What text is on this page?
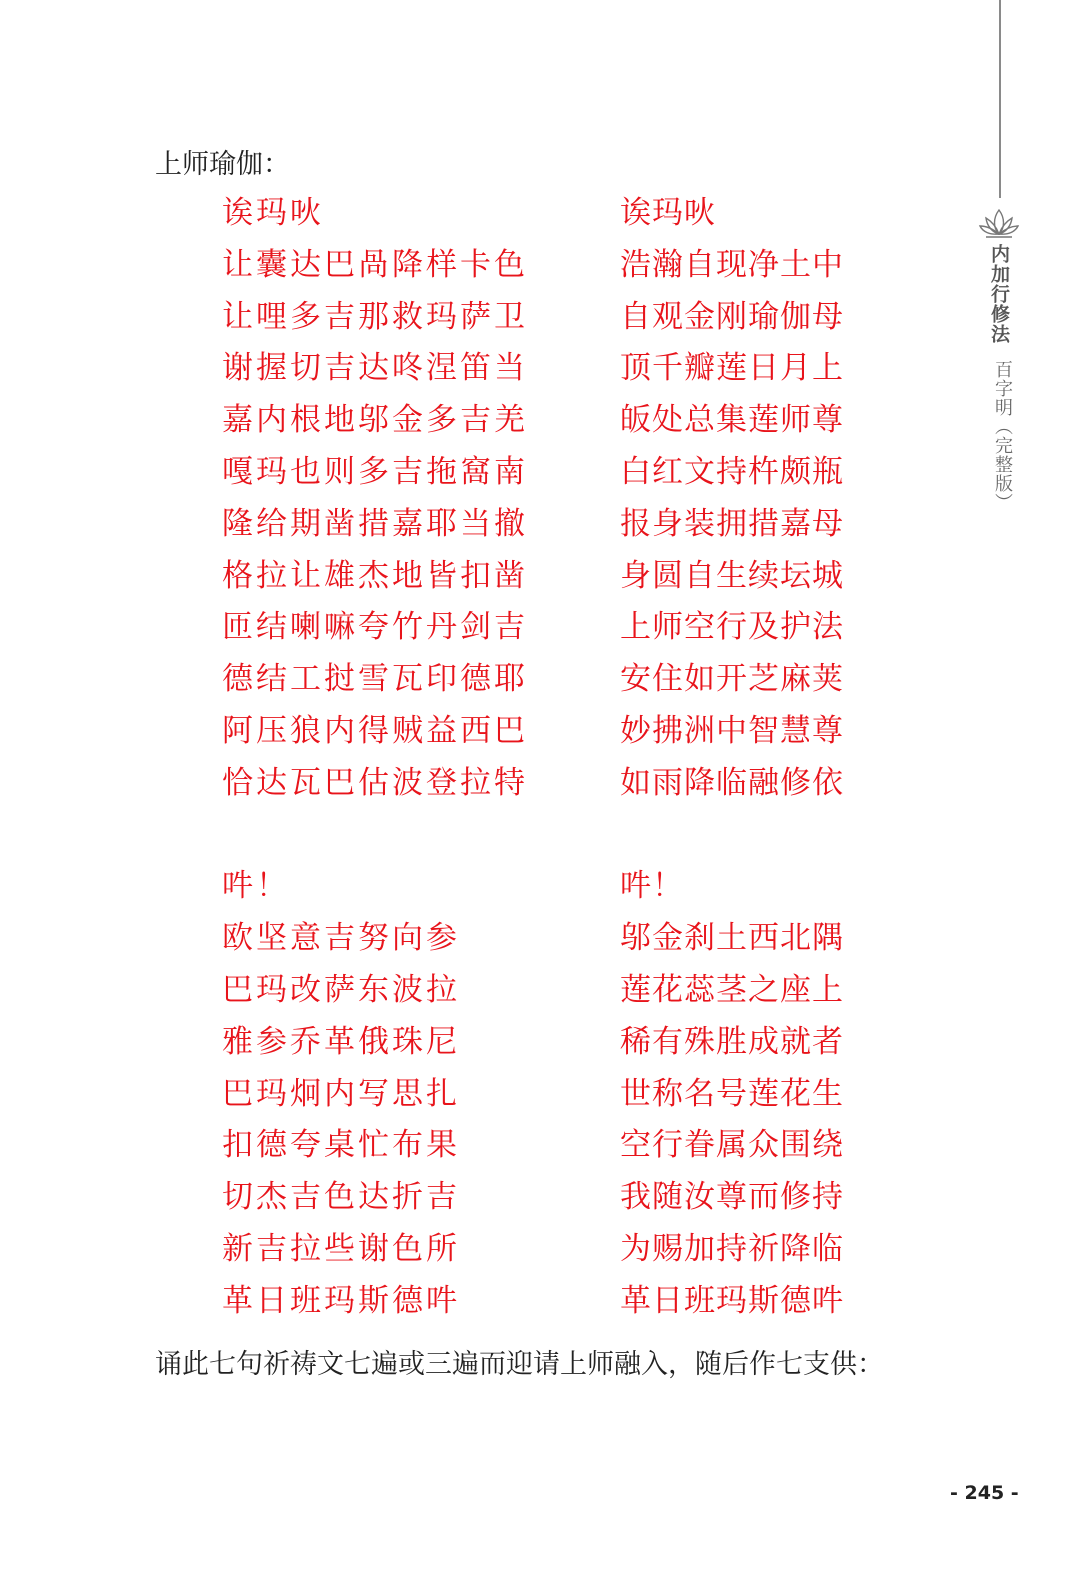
内加行修法
百字明（完整版）
上师瑜伽：
诶玛吙
让囊达巴咼降样卡色
让哩多吉那救玛萨卫
谢握切吉达咚涅笛当
嘉内根地邬金多吉羌
嘎玛也则多吉拖窩南
隆给期凿措嘉耶当撤
格拉让雄杰地皆扣凿
匝结喇嘛夸竹丹剑吉
德结工挝雪瓦印德耶
阿压狼内得贼益西巴
恰达瓦巴估波登拉特
吽！
欧坚意吉努向参
巴玛改萨东波拉
雅参乔革俄珠尼
巴玛炯内写思扎
扣德夸桌忙布果
切杰吉色达折吉
新吉拉些谢色所
革日班玛斯德吽
诶玛吙
浩瀚自现净土中
自观金刚瑜伽母
顶千瓣莲日月上
皈处总集莲师尊
白红文持杵颇瓶
报身装拥措嘉母
身圆自生续坛城
上师空行及护法
安住如开芝麻荚
妙拂洲中智慧尊
如雨降临融修依
吽！
邬金刹土西北隅
莲花蕊茎之座上
稀有殊胜成就者
世称名号莲花生
空行眷属众围绕
我随汝尊而修持
为赐加持祈降临
革日班玛斯德吽
诵此七句祈祷文七遍或三遍而迎请上师融入，随后作七支供：
- 245 -
